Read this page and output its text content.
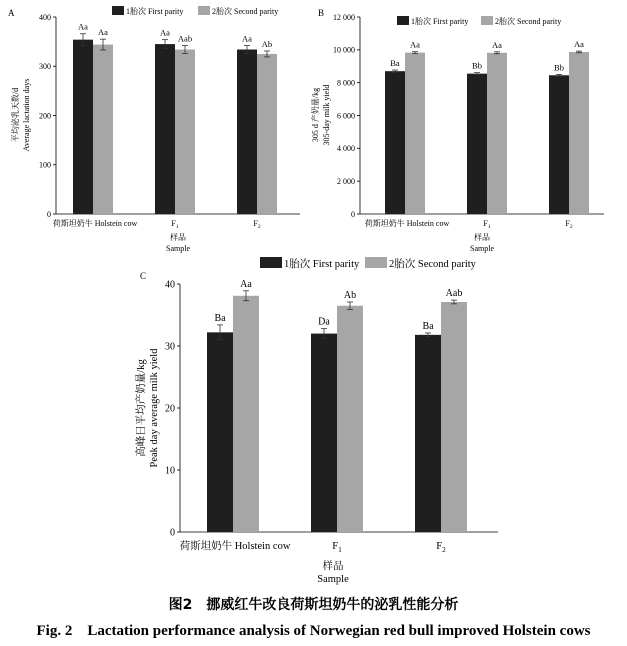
A
0
100
200
300
400
Aa
Aa
Aa
Aa
Aab
Ab
荷斯坦奶牛 Holstein cow	$F_1$	$F_2$
样品
Sample
平均泌乳天数/d Average lactation days
1胎次 First parity	2胎次 Second parity	B
0
2 000
4 000
6 000
8 000
10 000
12 000
Ba	Bb	Bb
Aa	Aa	Aa
荷斯坦奶牛 Holstein cow	$F_1$	$F_2$
样品
Sample
305 d 产奶量/kg 305-day milk yield
1胎次 First parity	2胎次 Second parity
C
0
10
20
30
40
Ba	Da	Ba
Aa
Ab	Aab
荷斯坦奶牛 Holstein cow	$F_1$	$F_2$
样品
Sample
高峰日平均产奶量/kg Peak day average milk yield
1胎次 First parity	2胎次 Second parity
图2　挪威红牛改良荷斯坦奶牛的泌乳性能分析
Fig. 2　Lactation performance analysis of Norwegian red bull improved Holstein cows
